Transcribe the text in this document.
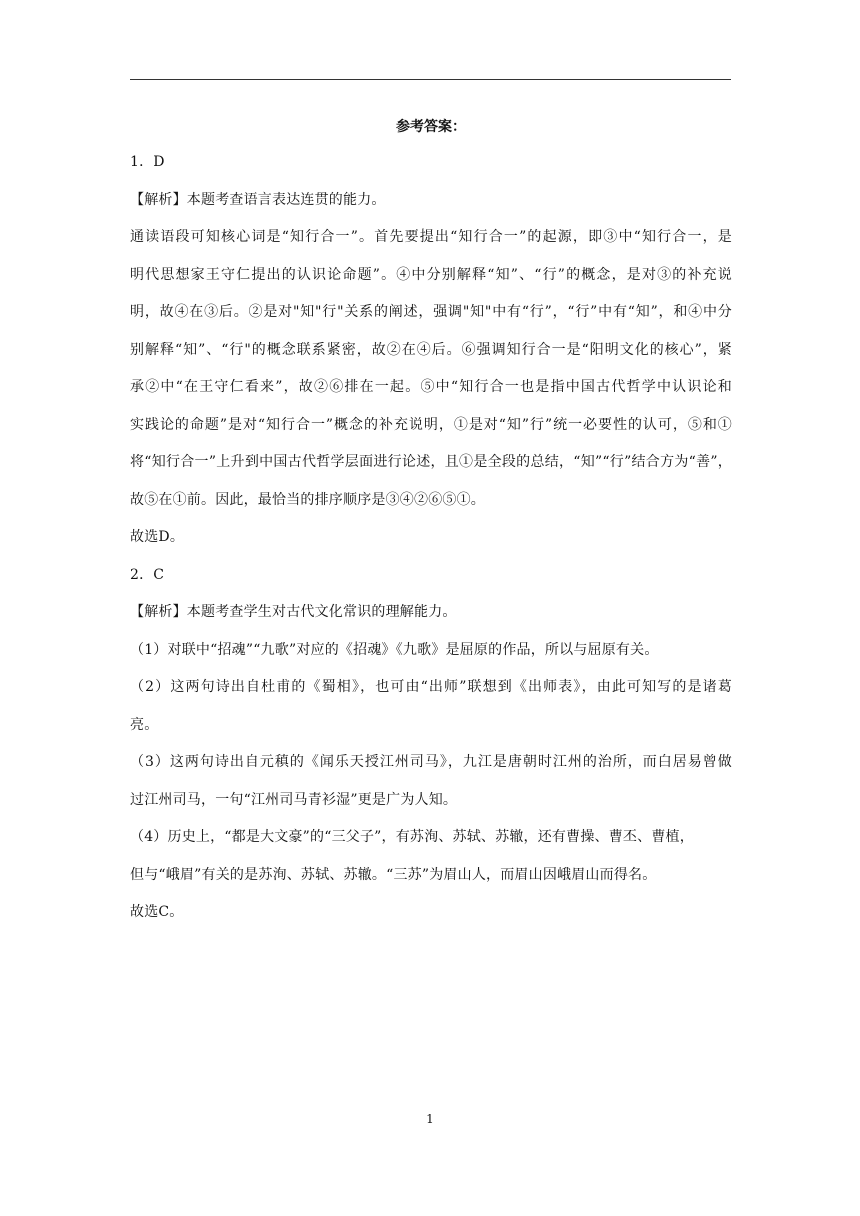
参考答案：
1．D
【解析】本题考查语言表达连贯的能力。
通读语段可知核心词是“知行合一”。首先要提出“知行合一”的起源，即③中“知行合一，是
明代思想家王守仁提出的认识论命题”。④中分别解释“知”、“行”的概念，是对③的补充说
明，故④在③后。②是对"知"行"关系的阐述，强调"知"中有“行”，“行”中有“知”，和④中分
别解释“知”、“行"的概念联系紧密，故②在④后。⑥强调知行合一是“阳明文化的核心”，紧
承②中“在王守仁看来”，故②⑥排在一起。⑤中“知行合一也是指中国古代哲学中认识论和
实践论的命题”是对“知行合一”概念的补充说明，①是对“知”行”统一必要性的认可，⑤和①
将“知行合一”上升到中国古代哲学层面进行论述，且①是全段的总结，“知”“行”结合方为“善”，
故⑤在①前。因此，最恰当的排序顺序是③④②⑥⑤①。
故选D。
2．C
【解析】本题考查学生对古代文化常识的理解能力。
（1）对联中“招魂”“九歌”对应的《招魂》《九歌》是屈原的作品，所以与屈原有关。
（2）这两句诗出自杜甫的《蜀相》，也可由“出师”联想到《出师表》，由此可知写的是诸葛
亮。
（3）这两句诗出自元稹的《闻乐天授江州司马》，九江是唐朝时江州的治所，而白居易曾做
过江州司马，一句“江州司马青衫湿”更是广为人知。
（4）历史上，“都是大文豪”的“三父子”，有苏洵、苏轼、苏辙，还有曹操、曹丕、曹植，
但与“峨眉”有关的是苏洵、苏轼、苏辙。“三苏”为眉山人，而眉山因峨眉山而得名。
故选C。
1
